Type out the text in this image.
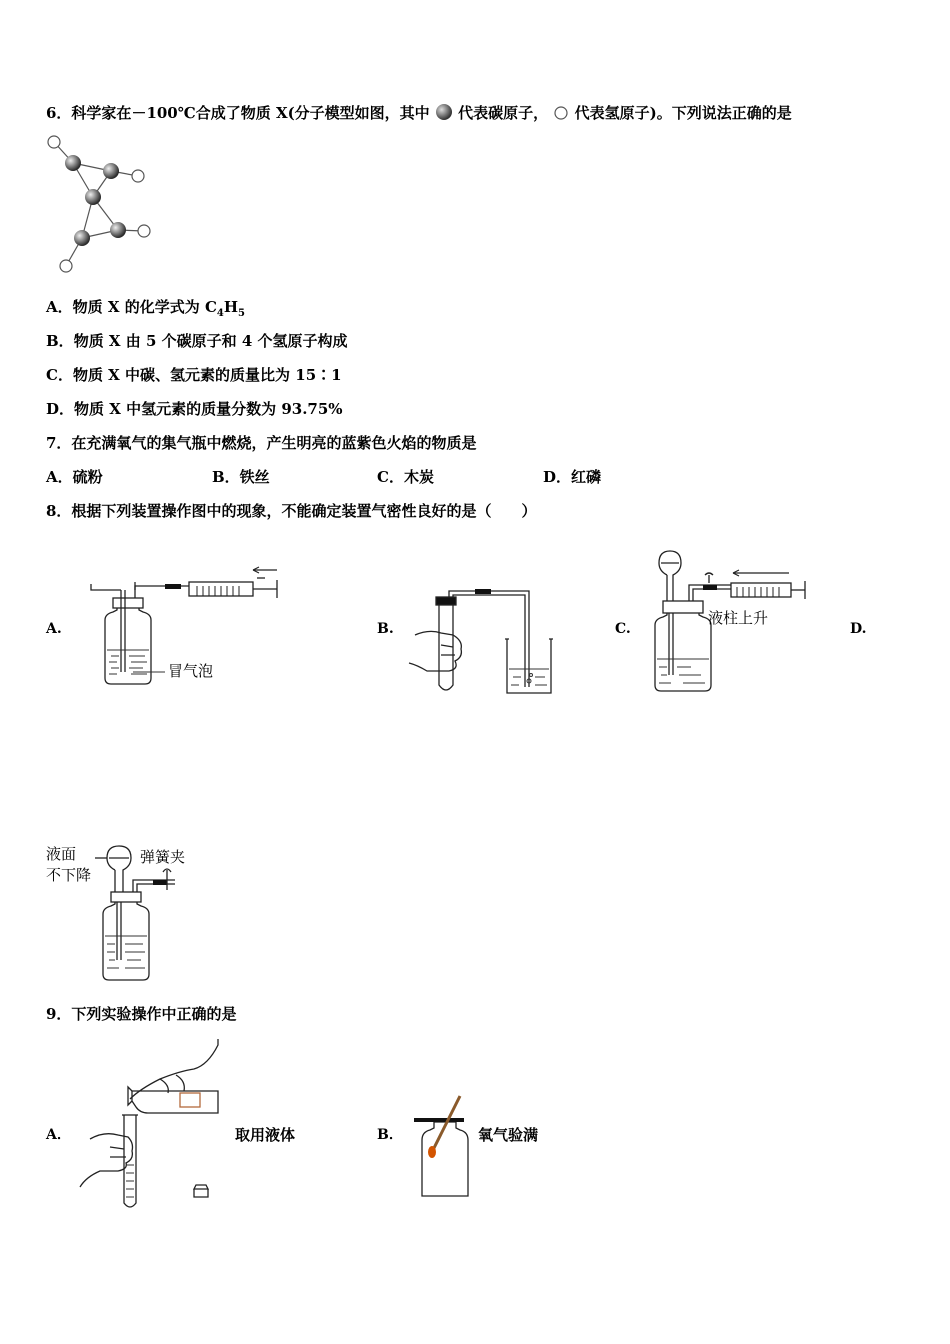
6．科学家在－100℃合成了物质 X(分子模型如图，其中 代表碳原子， 代表氢原子)。下列说法正确的是
A．物质 X 的化学式为 $C_4H_5$
B．物质 X 由 5 个碳原子和 4 个氢原子构成
C．物质 X 中碳、氢元素的质量比为 15∶1
D．物质 X 中氢元素的质量分数为 93.75%
7．在充满氧气的集气瓶中燃烧，产生明亮的蓝紫色火焰的物质是
A．硫粉	B．铁丝	C．木炭	D．红磷
8．根据下列装置操作图中的现象，不能确定装置气密性良好的是（　　）
A.	B.	C.	D.
冒气泡
液柱上升
液面
不下降
弹簧夹
9．下列实验操作中正确的是
A．	取用液体	B．	氧气验满
